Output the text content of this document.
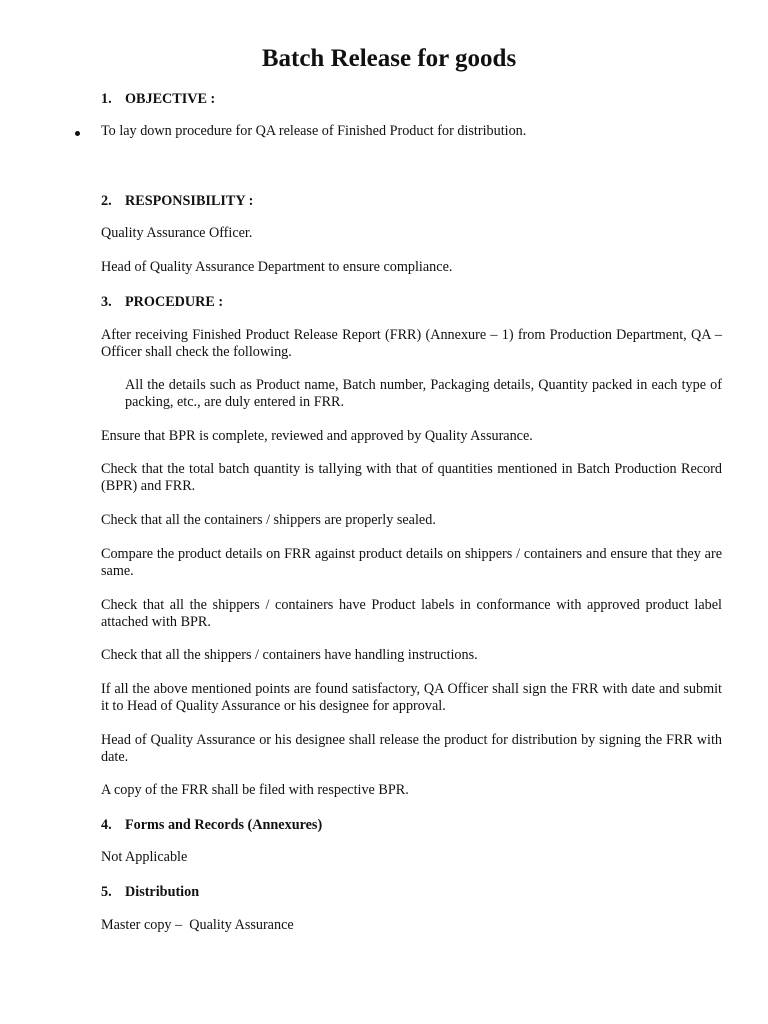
Batch Release for goods
1. OBJECTIVE :
To lay down procedure for QA release of Finished Product for distribution.
2. RESPONSIBILITY :
Quality Assurance Officer.
Head of Quality Assurance Department to ensure compliance.
3. PROCEDURE :
After receiving Finished Product Release Report (FRR) (Annexure – 1) from Production Department, QA – Officer shall check the following.
All the details such as Product name, Batch number, Packaging details, Quantity packed in each type of packing, etc., are duly entered in FRR.
Ensure that BPR is complete, reviewed and approved by Quality Assurance.
Check that the total batch quantity is tallying with that of quantities mentioned in Batch Production Record (BPR) and FRR.
Check that all the containers / shippers are properly sealed.
Compare the product details on FRR against product details on shippers / containers and ensure that they are same.
Check that all the shippers / containers have Product labels in conformance with approved product label attached with BPR.
Check that all the shippers / containers have handling instructions.
If all the above mentioned points are found satisfactory, QA Officer shall sign the FRR with date and submit it to Head of Quality Assurance or his designee for approval.
Head of Quality Assurance or his designee shall release the product for distribution by signing the FRR with date.
A copy of the FRR shall be filed with respective BPR.
4. Forms and Records (Annexures)
Not Applicable
5. Distribution
Master copy –  Quality Assurance
